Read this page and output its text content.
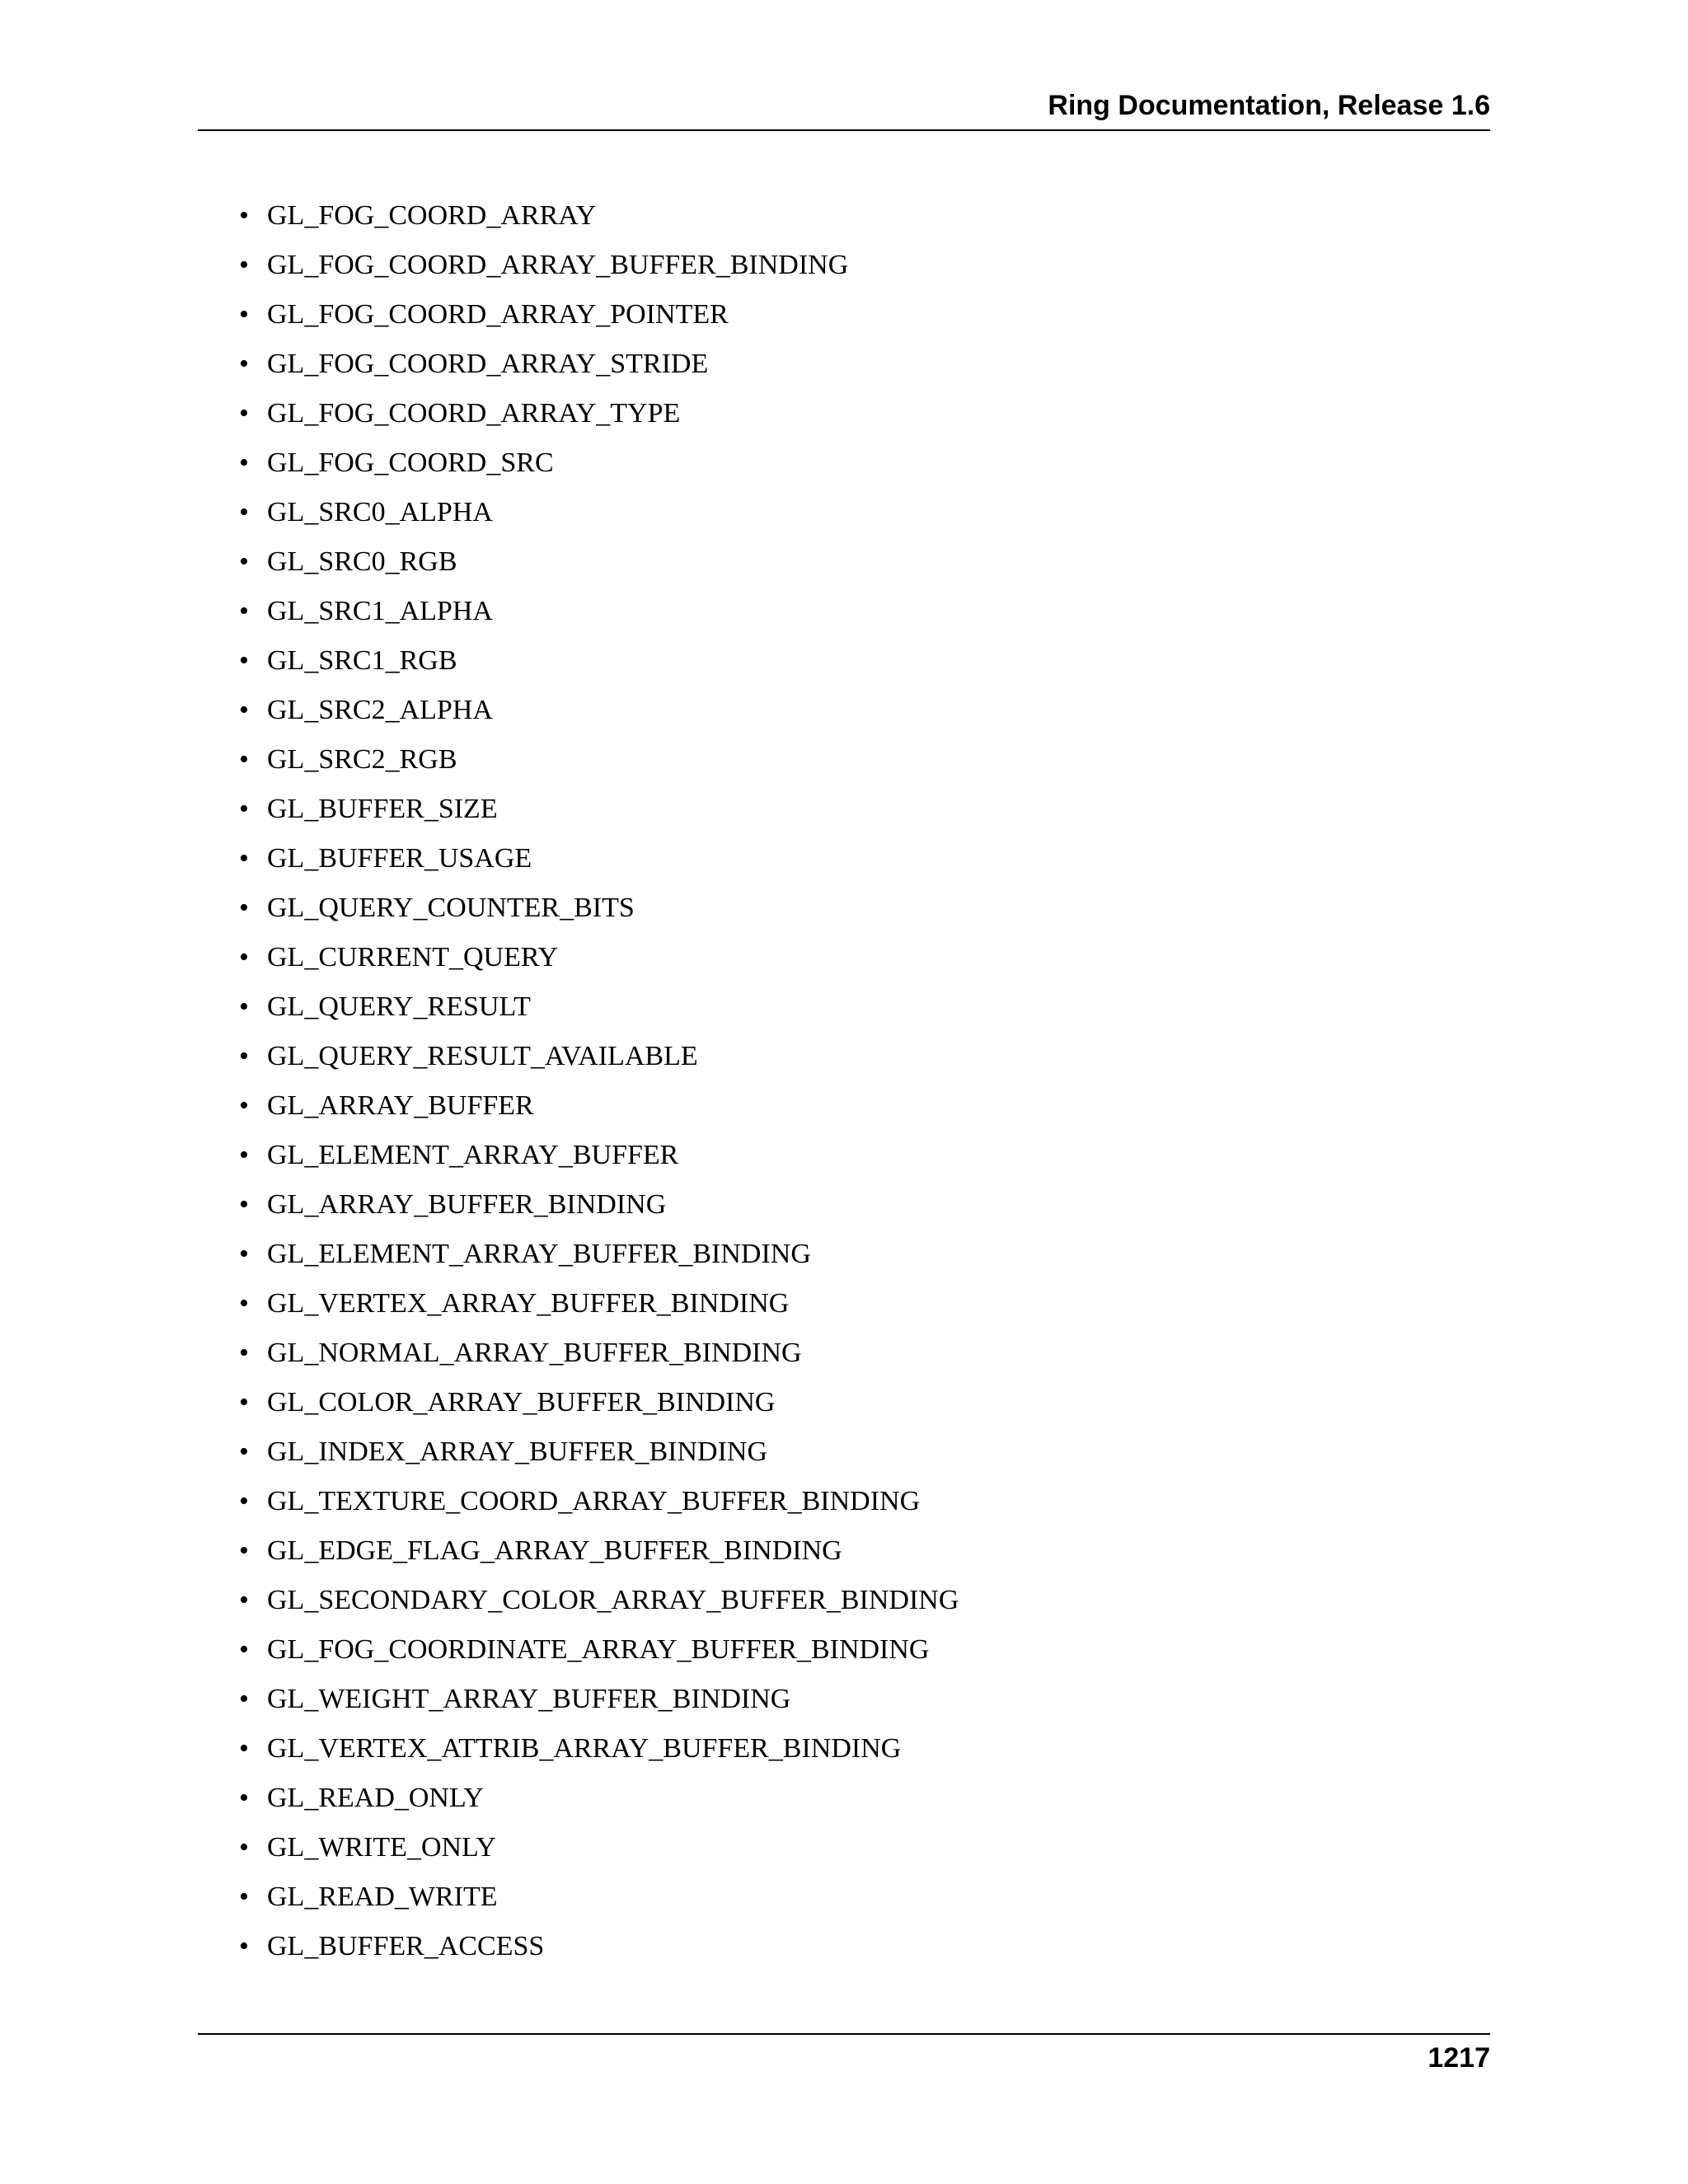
Ring Documentation, Release 1.6
• GL_FOG_COORD_ARRAY
• GL_FOG_COORD_ARRAY_BUFFER_BINDING
• GL_FOG_COORD_ARRAY_POINTER
• GL_FOG_COORD_ARRAY_STRIDE
• GL_FOG_COORD_ARRAY_TYPE
• GL_FOG_COORD_SRC
• GL_SRC0_ALPHA
• GL_SRC0_RGB
• GL_SRC1_ALPHA
• GL_SRC1_RGB
• GL_SRC2_ALPHA
• GL_SRC2_RGB
• GL_BUFFER_SIZE
• GL_BUFFER_USAGE
• GL_QUERY_COUNTER_BITS
• GL_CURRENT_QUERY
• GL_QUERY_RESULT
• GL_QUERY_RESULT_AVAILABLE
• GL_ARRAY_BUFFER
• GL_ELEMENT_ARRAY_BUFFER
• GL_ARRAY_BUFFER_BINDING
• GL_ELEMENT_ARRAY_BUFFER_BINDING
• GL_VERTEX_ARRAY_BUFFER_BINDING
• GL_NORMAL_ARRAY_BUFFER_BINDING
• GL_COLOR_ARRAY_BUFFER_BINDING
• GL_INDEX_ARRAY_BUFFER_BINDING
• GL_TEXTURE_COORD_ARRAY_BUFFER_BINDING
• GL_EDGE_FLAG_ARRAY_BUFFER_BINDING
• GL_SECONDARY_COLOR_ARRAY_BUFFER_BINDING
• GL_FOG_COORDINATE_ARRAY_BUFFER_BINDING
• GL_WEIGHT_ARRAY_BUFFER_BINDING
• GL_VERTEX_ATTRIB_ARRAY_BUFFER_BINDING
• GL_READ_ONLY
• GL_WRITE_ONLY
• GL_READ_WRITE
• GL_BUFFER_ACCESS
1217
